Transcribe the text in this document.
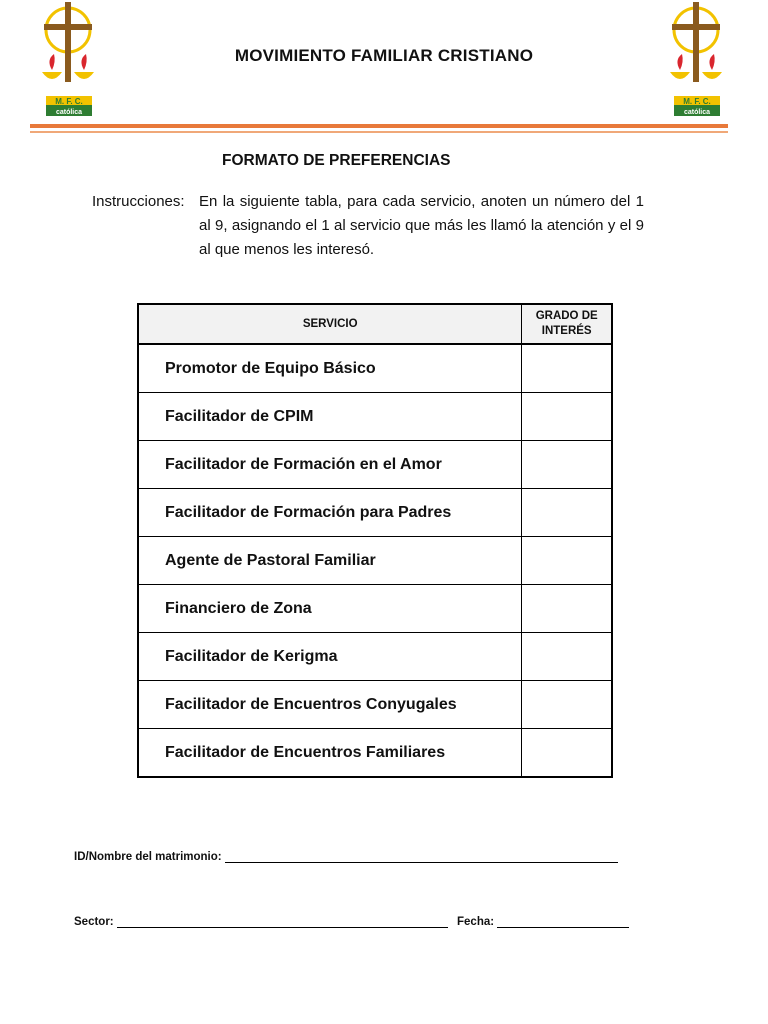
M. F. C.
católica
M. F. C.
católica
MOVIMIENTO FAMILIAR CRISTIANO
FORMATO DE PREFERENCIAS
Instrucciones: En la siguiente tabla, para cada servicio, anoten un número del 1 al 9, asignando el 1 al servicio que más les llamó la atención y el 9 al que menos les interesó.
SERVICIO	GRADO DE INTERÉS
Promotor de Equipo Básico	
Facilitador de CPIM	
Facilitador de Formación en el Amor	
Facilitador de Formación para Padres	
Agente de Pastoral Familiar	
Financiero de Zona	
Facilitador de Kerigma	
Facilitador de Encuentros Conyugales	
Facilitador de Encuentros Familiares	
ID/Nombre del matrimonio:
Sector:	Fecha:
